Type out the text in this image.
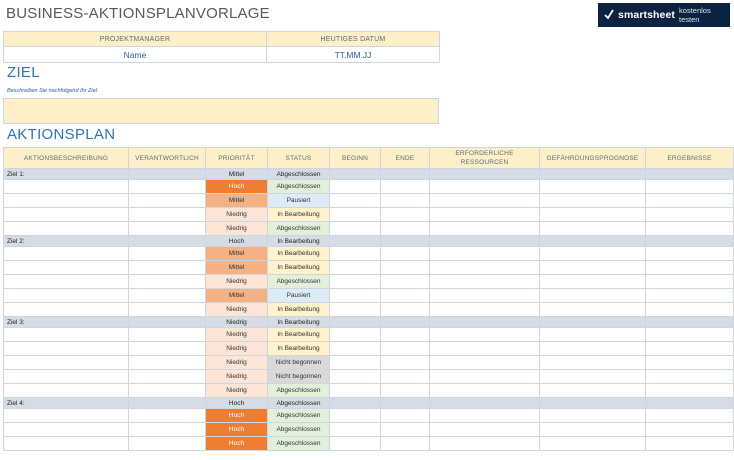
BUSINESS-AKTIONSPLANVORLAGE	smartsheet kostenlos testen
PROJEKTMANAGER	HEUTIGES DATUM
Name	TT.MM.JJ
ZIEL
Beschreiben Sie nachfolgend Ihr Ziel.
AKTIONSPLAN
AKTIONSBESCHREIBUNG	VERANTWORTLICH	PRIORITÄT	STATUS	BEGINN	ENDE	ERFORDERLICHE RESSOURCEN	GEFÄHRDUNGSPROGNOSE	ERGEBNISSE
Ziel 1:		Mittel	Abgeschlossen					
		Hoch	Abgeschlossen					
		Mittel	Pausiert					
		Niedrig	In Bearbeitung					
		Niedrig	Abgeschlossen					
Ziel 2:		Hoch	In Bearbeitung					
		Mittel	In Bearbeitung					
		Mittel	In Bearbeitung					
		Niedrig	Abgeschlossen					
		Mittel	Pausiert					
		Niedrig	In Bearbeitung					
Ziel 3:		Niedrig	In Bearbeitung					
		Niedrig	In Bearbeitung					
		Niedrig	In Bearbeitung					
		Niedrig	Nicht begonnen					
		Niedrig	Nicht begonnen					
		Niedrig	Abgeschlossen					
Ziel 4:		Hoch	Abgeschlossen					
		Hoch	Abgeschlossen					
		Hoch	Abgeschlossen					
		Hoch	Abgeschlossen					
